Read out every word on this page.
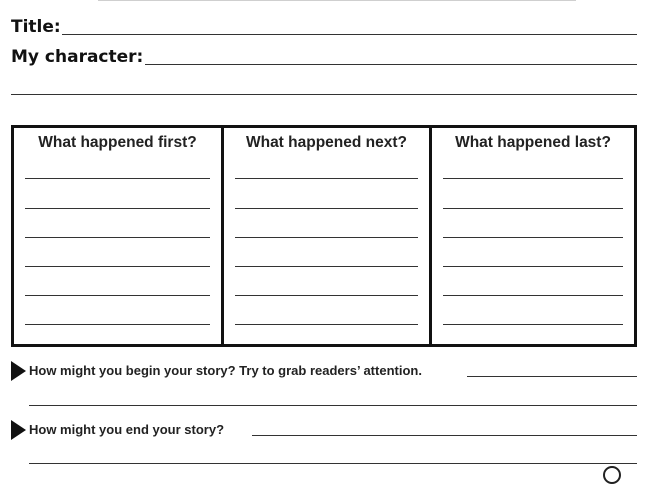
Title:
My character:
What happened first?	What happened next?	What happened last?
How might you begin your story? Try to grab readers’ attention.
How might you end your story?
